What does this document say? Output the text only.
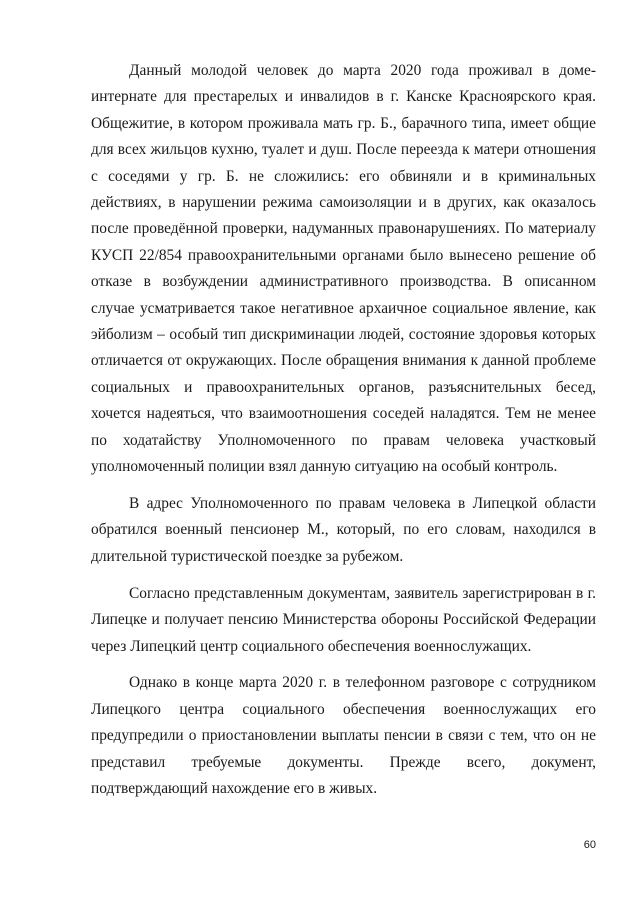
Данный молодой человек до марта 2020 года проживал в доме-интернате для престарелых и инвалидов в г. Канске Красноярского края. Общежитие, в котором проживала мать гр. Б., барачного типа, имеет общие для всех жильцов кухню, туалет и душ. После переезда к матери отношения с соседями у гр. Б. не сложились: его обвиняли и в криминальных действиях, в нарушении режима самоизоляции и в других, как оказалось после проведённой проверки, надуманных правонарушениях. По материалу КУСП 22/854 правоохранительными органами было вынесено решение об отказе в возбуждении административного производства. В описанном случае усматривается такое негативное архаичное социальное явление, как эйболизм – особый тип дискриминации людей, состояние здоровья которых отличается от окружающих. После обращения внимания к данной проблеме социальных и правоохранительных органов, разъяснительных бесед, хочется надеяться, что взаимоотношения соседей наладятся. Тем не менее по ходатайству Уполномоченного по правам человека участковый уполномоченный полиции взял данную ситуацию на особый контроль.

В адрес Уполномоченного по правам человека в Липецкой области обратился военный пенсионер М., который, по его словам, находился в длительной туристической поездке за рубежом.

Согласно представленным документам, заявитель зарегистрирован в г. Липецке и получает пенсию Министерства обороны Российской Федерации через Липецкий центр социального обеспечения военнослужащих.

Однако в конце марта 2020 г. в телефонном разговоре с сотрудником Липецкого центра социального обеспечения военнослужащих его предупредили о приостановлении выплаты пенсии в связи с тем, что он не представил требуемые документы. Прежде всего, документ, подтверждающий нахождение его в живых.

60
